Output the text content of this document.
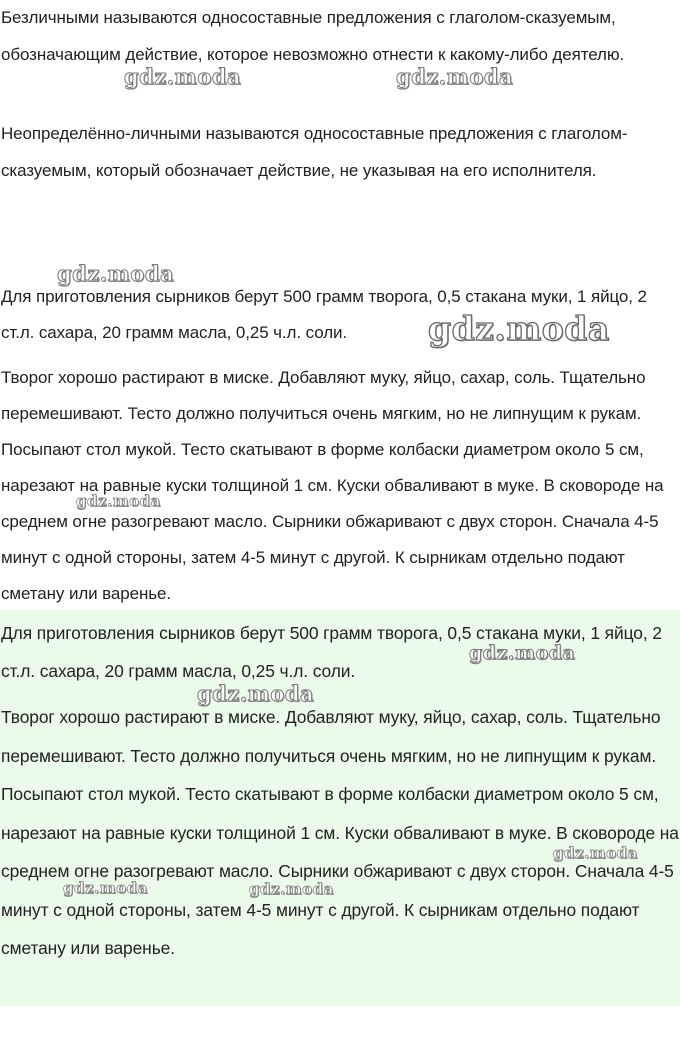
Безличными называются односоставные предложения с глаголом-сказуемым, обозначающим действие, которое невозможно отнести к какому-либо деятелю.

Неопределённо-личными называются односоставные предложения с глаголом-сказуемым, который обозначает действие, не указывая на его исполнителя.

Для приготовления сырников берут 500 грамм творога, 0,5 стакана муки, 1 яйцо, 2 ст.л. сахара, 20 грамм масла, 0,25 ч.л. соли.

Творог хорошо растирают в миске. Добавляют муку, яйцо, сахар, соль. Тщательно перемешивают. Тесто должно получиться очень мягким, но не липнущим к рукам. Посыпают стол мукой. Тесто скатывают в форме колбаски диаметром около 5 см, нарезают на равные куски толщиной 1 см. Куски обваливают в муке. В сковороде на среднем огне разогревают масло. Сырники обжаривают с двух сторон. Сначала 4-5 минут с одной стороны, затем 4-5 минут с другой. К сырникам отдельно подают сметану или варенье.

Для приготовления сырников берут 500 грамм творога, 0,5 стакана муки, 1 яйцо, 2 ст.л. сахара, 20 грамм масла, 0,25 ч.л. соли.

Творог хорошо растирают в миске. Добавляют муку, яйцо, сахар, соль. Тщательно перемешивают. Тесто должно получиться очень мягким, но не липнущим к рукам. Посыпают стол мукой. Тесто скатывают в форме колбаски диаметром около 5 см, нарезают на равные куски толщиной 1 см. Куски обваливают в муке. В сковороде на среднем огне разогревают масло. Сырники обжаривают с двух сторон. Сначала 4-5 минут с одной стороны, затем 4-5 минут с другой. К сырникам отдельно подают сметану или варенье.

gdz.moda	gdz.moda
gdz.moda
gdz.moda
gdz.moda
gdz.moda
gdz.moda
gdz.moda
gdz.moda	gdz.moda
